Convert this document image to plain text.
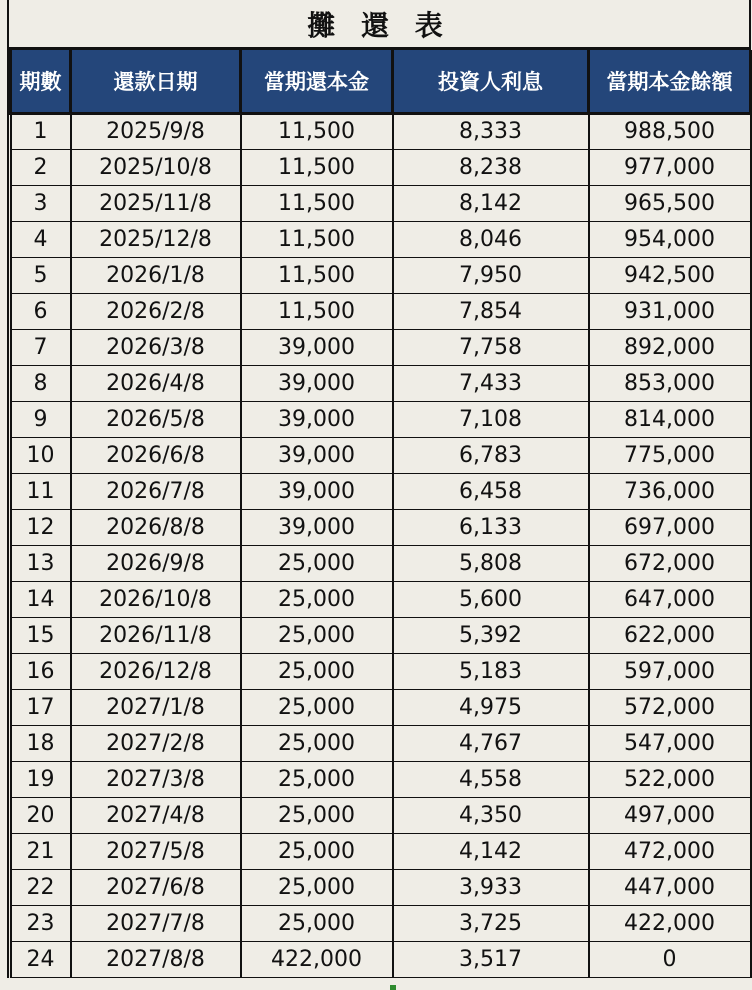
攤 還 表
期數	還款日期	當期還本金	投資人利息	當期本金餘額
1	2025/9/8	11,500	8,333	988,500
2	2025/10/8	11,500	8,238	977,000
3	2025/11/8	11,500	8,142	965,500
4	2025/12/8	11,500	8,046	954,000
5	2026/1/8	11,500	7,950	942,500
6	2026/2/8	11,500	7,854	931,000
7	2026/3/8	39,000	7,758	892,000
8	2026/4/8	39,000	7,433	853,000
9	2026/5/8	39,000	7,108	814,000
10	2026/6/8	39,000	6,783	775,000
11	2026/7/8	39,000	6,458	736,000
12	2026/8/8	39,000	6,133	697,000
13	2026/9/8	25,000	5,808	672,000
14	2026/10/8	25,000	5,600	647,000
15	2026/11/8	25,000	5,392	622,000
16	2026/12/8	25,000	5,183	597,000
17	2027/1/8	25,000	4,975	572,000
18	2027/2/8	25,000	4,767	547,000
19	2027/3/8	25,000	4,558	522,000
20	2027/4/8	25,000	4,350	497,000
21	2027/5/8	25,000	4,142	472,000
22	2027/6/8	25,000	3,933	447,000
23	2027/7/8	25,000	3,725	422,000
24	2027/8/8	422,000	3,517	0
